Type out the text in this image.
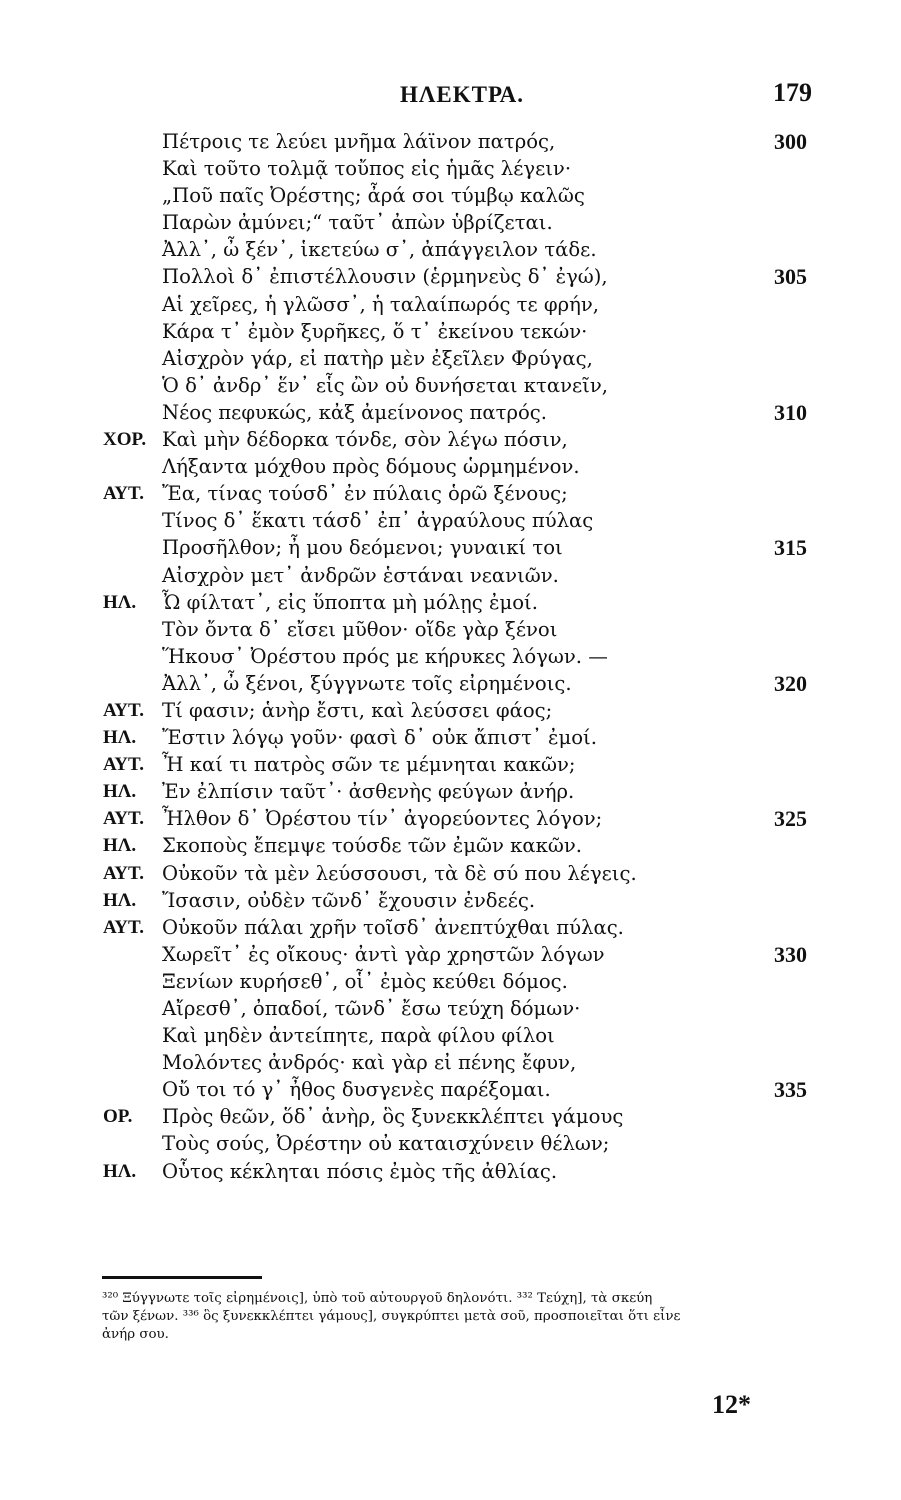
ΗΛΕΚΤΡΑ.	179
Πέτροις τε λεύει μνῆμα λάϊνον πατρός,	300
Καὶ τοῦτο τολμᾷ τοὔπος εἰς ἡμᾶς λέγειν·
„Ποῦ παῖς Ὀρέστης; ἆρά σοι τύμβῳ καλῶς
Παρὼν ἀμύνει;“ ταῦτ᾽ ἀπὼν ὑβρίζεται.
Ἀλλ᾽, ὦ ξέν᾽, ἱκετεύω σ᾽, ἀπάγγειλον τάδε.
Πολλοὶ δ᾽ ἐπιστέλλουσιν (ἑρμηνεὺς δ᾽ ἐγώ),	305
Αἱ χεῖρες, ἡ γλῶσσ᾽, ἡ ταλαίπωρός τε φρήν,
Κάρα τ᾽ ἐμὸν ξυρῆκες, ὅ τ᾽ ἐκείνου τεκών·
Αἰσχρὸν γάρ, εἰ πατὴρ μὲν ἐξεῖλεν Φρύγας,
Ὁ δ᾽ ἀνδρ᾽ ἕν᾽ εἷς ὢν οὐ δυνήσεται κτανεῖν,
Νέος πεφυκώς, κἀξ ἀμείνονος πατρός.	310
ΧΟΡ. Καὶ μὴν δέδορκα τόνδε, σὸν λέγω πόσιν,
Λήξαντα μόχθου πρὸς δόμους ὡρμημένον.
ΑΥΤ. Ἔα, τίνας τούσδ᾽ ἐν πύλαις ὁρῶ ξένους;
Τίνος δ᾽ ἕκατι τάσδ᾽ ἐπ᾽ ἀγραύλους πύλας
Προσῆλθον; ἦ μου δεόμενοι; γυναικί τοι	315
Αἰσχρὸν μετ᾽ ἀνδρῶν ἑστάναι νεανιῶν.
ΗΛ. Ὦ φίλτατ᾽, εἰς ὕποπτα μὴ μόλῃς ἐμοί.
Τὸν ὄντα δ᾽ εἴσει μῦθον· οἵδε γὰρ ξένοι
Ἥκουσ᾽ Ὀρέστου πρός με κήρυκες λόγων. —
Ἀλλ᾽, ὦ ξένοι, ξύγγνωτε τοῖς εἰρημένοις.	320
ΑΥΤ. Τί φασιν; ἁνὴρ ἔστι, καὶ λεύσσει φάος;
ΗΛ. Ἔστιν λόγῳ γοῦν· φασὶ δ᾽ οὐκ ἄπιστ᾽ ἐμοί.
ΑΥΤ. Ἦ καί τι πατρὸς σῶν τε μέμνηται κακῶν;
ΗΛ. Ἐν ἐλπίσιν ταῦτ᾽· ἀσθενὴς φεύγων ἀνήρ.
ΑΥΤ. Ἦλθον δ᾽ Ὀρέστου τίν᾽ ἀγορεύοντες λόγον;	325
ΗΛ. Σκοποὺς ἔπεμψε τούσδε τῶν ἐμῶν κακῶν.
ΑΥΤ. Οὐκοῦν τὰ μὲν λεύσσουσι, τὰ δὲ σύ που λέγεις.
ΗΛ. Ἴσασιν, οὐδὲν τῶνδ᾽ ἔχουσιν ἐνδεές.
ΑΥΤ. Οὐκοῦν πάλαι χρῆν τοῖσδ᾽ ἀνεπτύχθαι πύλας.
Χωρεῖτ᾽ ἐς οἴκους· ἀντὶ γὰρ χρηστῶν λόγων	330
Ξενίων κυρήσεθ᾽, οἷ᾽ ἐμὸς κεύθει δόμος.
Αἴρεσθ᾽, ὀπαδοί, τῶνδ᾽ ἔσω τεύχη δόμων·
Καὶ μηδὲν ἀντείπητε, παρὰ φίλου φίλοι
Μολόντες ἀνδρός· καὶ γὰρ εἰ πένης ἔφυν,
Οὔ τοι τό γ᾽ ἦθος δυσγενὲς παρέξομαι.	335
ΟΡ. Πρὸς θεῶν, ὅδ᾽ ἁνὴρ, ὃς ξυνεκκλέπτει γάμους
Τοὺς σούς, Ὀρέστην οὐ καταισχύνειν θέλων;
ΗΛ. Οὗτος κέκληται πόσις ἐμὸς τῆς ἀθλίας.
³²⁰ Ξύγγνωτε τοῖς εἰρημένοις], ὑπὸ τοῦ αὐτουργοῦ δηλονότι. ³³² Τεύχη], τὰ σκεύη
τῶν ξένων. ³³⁶ ὃς ξυνεκκλέπτει γάμους], συγκρύπτει μετὰ σοῦ, προσποιεῖται ὅτι εἶνε
ἀνήρ σου.
12*
